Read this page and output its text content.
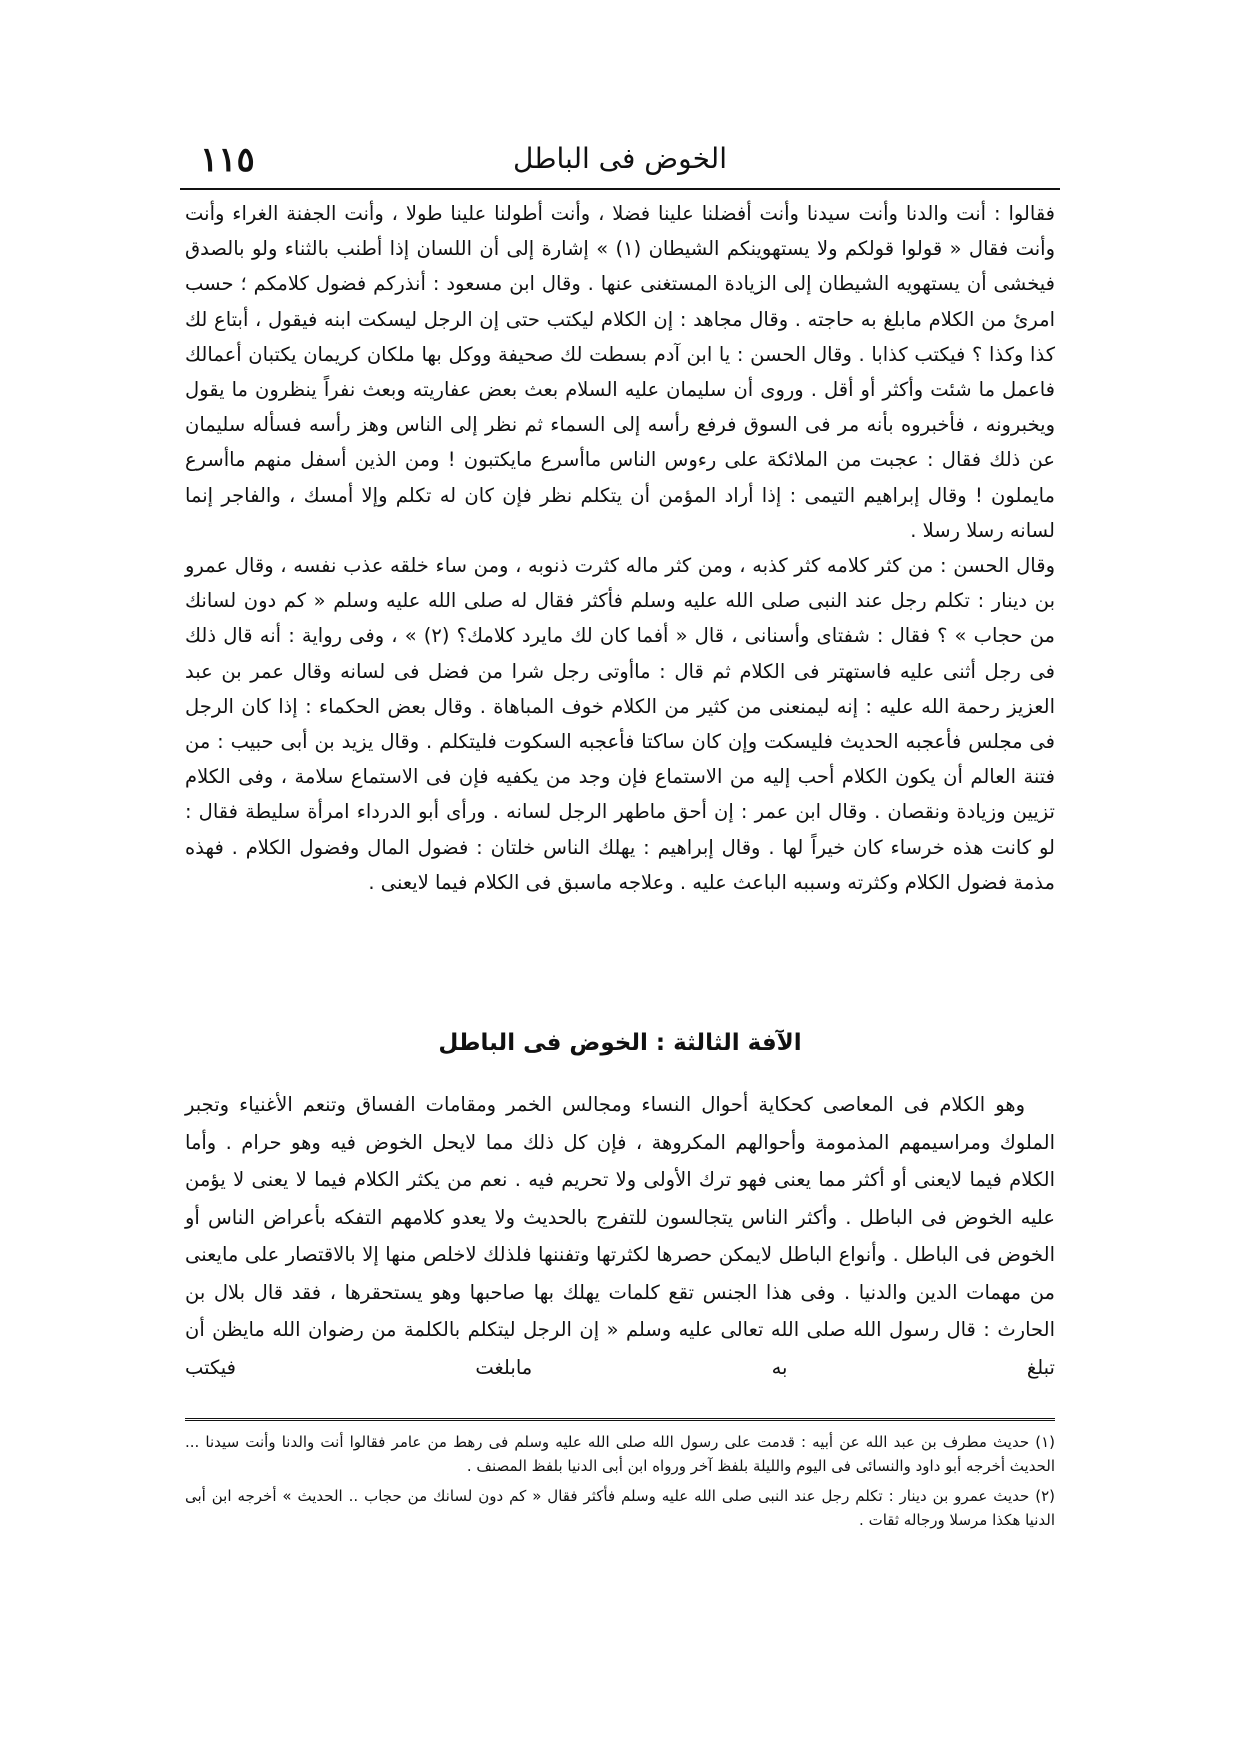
١١٥	الخوض فى الباطل

فقالوا : أنت والدنا وأنت سيدنا وأنت أفضلنا علينا فضلا ، وأنت أطولنا علينا طولا ، وأنت الجفنة الغراء وأنت وأنت فقال « قولوا قولكم ولا يستهوينكم الشيطان (١) » إشارة إلى أن اللسان إذا أطنب بالثناء ولو بالصدق فيخشى أن يستهويه الشيطان إلى الزيادة المستغنى عنها . وقال ابن مسعود : أنذركم فضول كلامكم ؛ حسب امرئ من الكلام مابلغ به حاجته . وقال مجاهد : إن الكلام ليكتب حتى إن الرجل ليسكت ابنه فيقول ، أبتاع لك كذا وكذا ؟ فيكتب كذابا . وقال الحسن : يا ابن آدم بسطت لك صحيفة ووكل بها ملكان كريمان يكتبان أعمالك فاعمل ما شئت وأكثر أو أقل . وروى أن سليمان عليه السلام بعث بعض عفاريته وبعث نفراً ينظرون ما يقول ويخبرونه ، فأخبروه بأنه مر فى السوق فرفع رأسه إلى السماء ثم نظر إلى الناس وهز رأسه فسأله سليمان عن ذلك فقال : عجبت من الملائكة على رءوس الناس ماأسرع مايكتبون ! ومن الذين أسفل منهم ماأسرع مايملون ! وقال إبراهيم التيمى : إذا أراد المؤمن أن يتكلم نظر فإن كان له تكلم وإلا أمسك ، والفاجر إنما لسانه رسلا رسلا .

وقال الحسن : من كثر كلامه كثر كذبه ، ومن كثر ماله كثرت ذنوبه ، ومن ساء خلقه عذب نفسه ، وقال عمرو بن دينار : تكلم رجل عند النبى صلى الله عليه وسلم فأكثر فقال له صلى الله عليه وسلم « كم دون لسانك من حجاب » ؟ فقال : شفتاى وأسنانى ، قال « أفما كان لك مايرد كلامك؟ (٢) » ، وفى رواية : أنه قال ذلك فى رجل أثنى عليه فاستهتر فى الكلام ثم قال : ماأوتى رجل شرا من فضل فى لسانه وقال عمر بن عبد العزيز رحمة الله عليه : إنه ليمنعنى من كثير من الكلام خوف المباهاة . وقال بعض الحكماء : إذا كان الرجل فى مجلس فأعجبه الحديث فليسكت وإن كان ساكتا فأعجبه السكوت فليتكلم . وقال يزيد بن أبى حبيب : من فتنة العالم أن يكون الكلام أحب إليه من الاستماع فإن وجد من يكفيه فإن فى الاستماع سلامة ، وفى الكلام تزيين وزيادة ونقصان . وقال ابن عمر : إن أحق ماطهر الرجل لسانه . ورأى أبو الدرداء امرأة سليطة فقال : لو كانت هذه خرساء كان خيراً لها . وقال إبراهيم : يهلك الناس خلتان : فضول المال وفضول الكلام . فهذه مذمة فضول الكلام وكثرته وسببه الباعث عليه . وعلاجه ماسبق فى الكلام فيما لايعنى .

الآفة الثالثة : الخوض فى الباطل

وهو الكلام فى المعاصى كحكاية أحوال النساء ومجالس الخمر ومقامات الفساق وتنعم الأغنياء وتجبر الملوك ومراسيمهم المذمومة وأحوالهم المكروهة ، فإن كل ذلك مما لايحل الخوض فيه وهو حرام . وأما الكلام فيما لايعنى أو أكثر مما يعنى فهو ترك الأولى ولا تحريم فيه . نعم من يكثر الكلام فيما لا يعنى لا يؤمن عليه الخوض فى الباطل . وأكثر الناس يتجالسون للتفرج بالحديث ولا يعدو كلامهم التفكه بأعراض الناس أو الخوض فى الباطل . وأنواع الباطل لايمكن حصرها لكثرتها وتفننها فلذلك لاخلص منها إلا بالاقتصار على مايعنى من مهمات الدين والدنيا . وفى هذا الجنس تقع كلمات يهلك بها صاحبها وهو يستحقرها ، فقد قال بلال بن الحارث : قال رسول الله صلى الله تعالى عليه وسلم « إن الرجل ليتكلم بالكلمة من رضوان الله مايظن أن تبلغ به مابلغت فيكتب

(١) حديث مطرف بن عبد الله عن أبيه : قدمت على رسول الله صلى الله عليه وسلم فى رهط من عامر فقالوا أنت والدنا وأنت سيدنا ... الحديث أخرجه أبو داود والنسائى فى اليوم والليلة بلفظ آخر ورواه ابن أبى الدنيا بلفظ المصنف .

(٢) حديث عمرو بن دينار : تكلم رجل عند النبى صلى الله عليه وسلم فأكثر فقال « كم دون لسانك من حجاب .. الحديث » أخرجه ابن أبى الدنيا هكذا مرسلا ورجاله ثقات .
